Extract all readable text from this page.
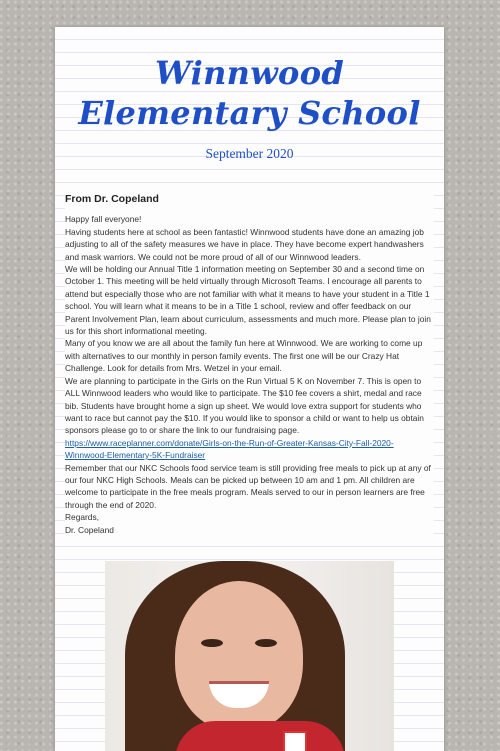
Winnwood
Elementary School
September 2020
From Dr. Copeland

Happy fall everyone!

Having students here at school as been fantastic! Winnwood students have done an amazing job adjusting to all of the safety measures we have in place. They have become expert handwashers and mask warriors. We could not be more proud of all of our Winnwood leaders.

We will be holding our Annual Title 1 information meeting on September 30 and a second time on October 1. This meeting will be held virtually through Microsoft Teams. I encourage all parents to attend but especially those who are not familiar with what it means to have your student in a Title 1 school. You will learn what it means to be in a Title 1 school, review and offer feedback on our Parent Involvement Plan, learn about curriculum, assessments and much more. Please plan to join us for this short informational meeting.

Many of you know we are all about the family fun here at Winnwood. We are working to come up with alternatives to our monthly in person family events. The first one will be our Crazy Hat Challenge. Look for details from Mrs. Wetzel in your email.

We are planning to participate in the Girls on the Run Virtual 5 K on November 7. This is open to ALL Winnwood leaders who would like to participate. The $10 fee covers a shirt, medal and race bib. Students have brought home a sign up sheet. We would love extra support for students who want to race but cannot pay the $10. If you would like to sponsor a child or want to help us obtain sponsors please go to or share the link to our fundraising page.

https://www.raceplanner.com/donate/Girls-on-the-Run-of-Greater-Kansas-City-Fall-2020-Winnwood-Elementary-5K-Fundraiser

Remember that our NKC Schools food service team is still providing free meals to pick up at any of our four NKC High Schools. Meals can be picked up between 10 am and 1 pm. All children are welcome to participate in the free meals program. Meals served to our in person learners are free through the end of 2020.

Regards,

Dr. Copeland
